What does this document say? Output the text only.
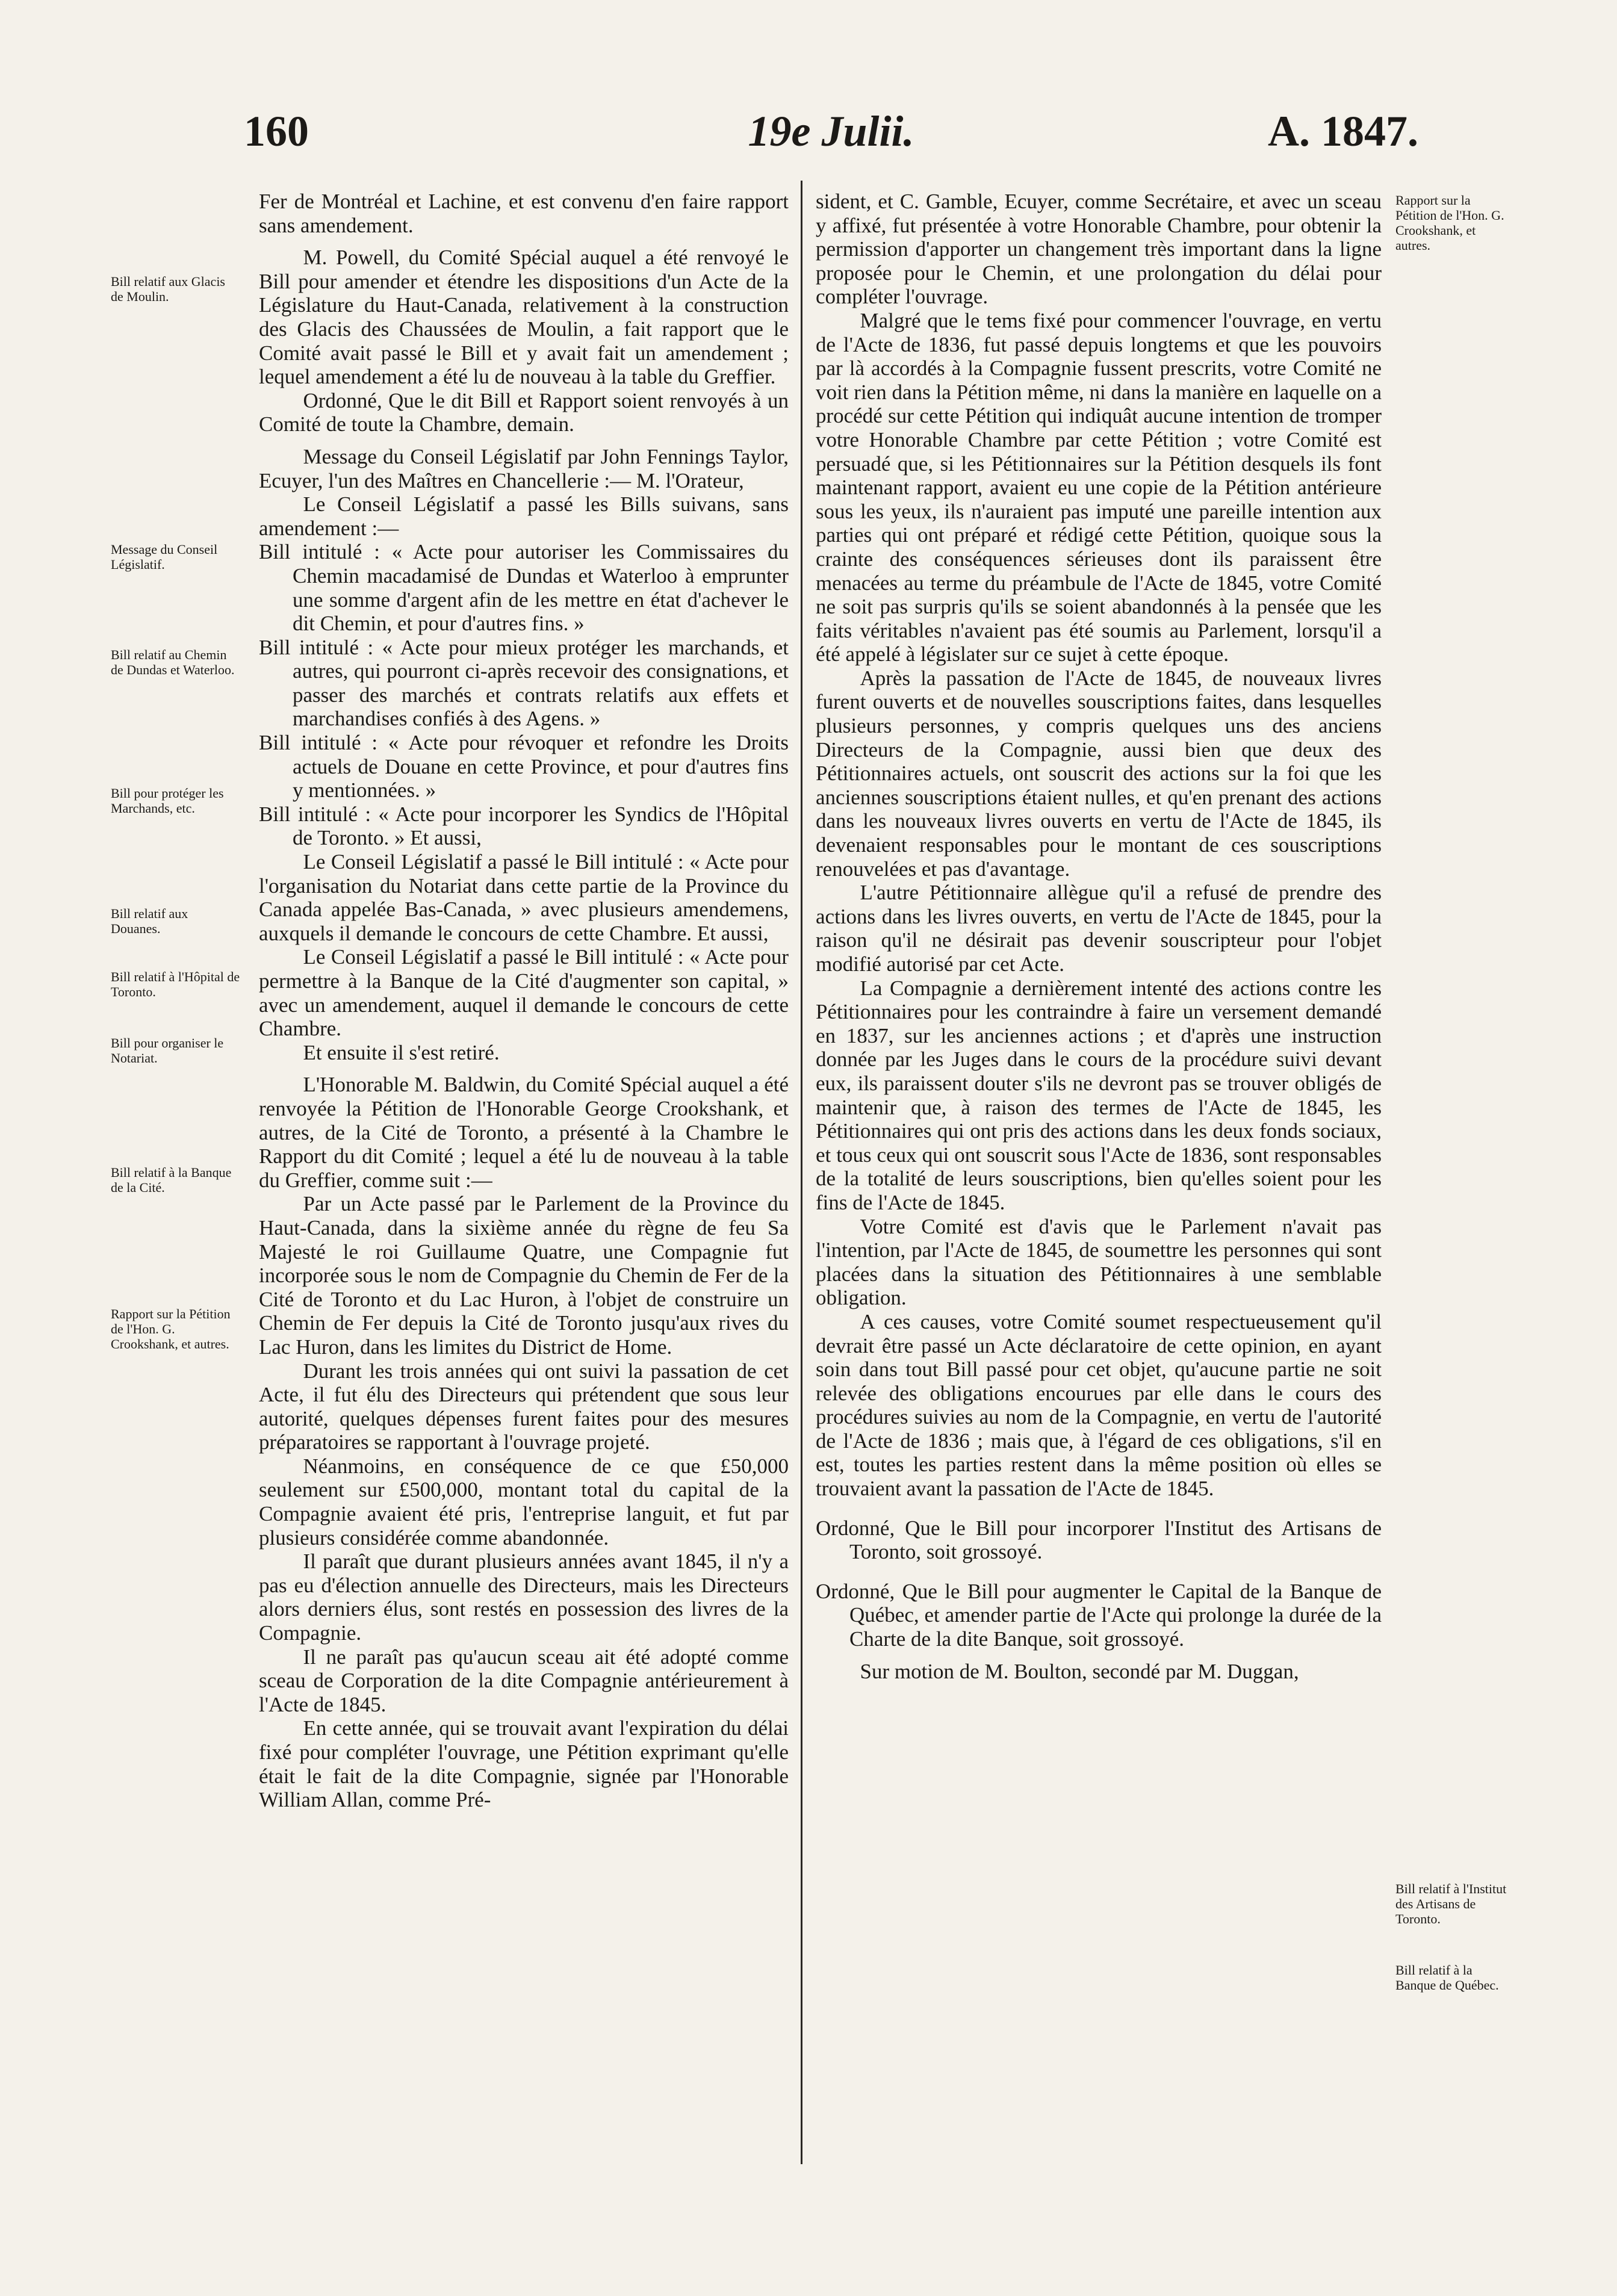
160	19e Julii.	A. 1847.

Fer de Montréal et Lachine, et est convenu d'en faire rapport sans amendement.

M. Powell, du Comité Spécial auquel a été renvoyé le Bill pour amender et étendre les dispositions d'un Acte de la Législature du Haut-Canada, relativement à la construction des Glacis des Chaussées de Moulin, a fait rapport que le Comité avait passé le Bill et y avait fait un amendement ; lequel amendement a été lu de nouveau à la table du Greffier.

Ordonné, Que le dit Bill et Rapport soient renvoyés à un Comité de toute la Chambre, demain.

Message du Conseil Législatif par John Fennings Taylor, Ecuyer, l'un des Maîtres en Chancellerie :— M. l'Orateur,

Le Conseil Législatif a passé les Bills suivans, sans amendement :—

Bill intitulé : « Acte pour autoriser les Commissaires du Chemin macadamisé de Dundas et Waterloo à emprunter une somme d'argent afin de les mettre en état d'achever le dit Chemin, et pour d'autres fins. »

Bill intitulé : « Acte pour mieux protéger les marchands, et autres, qui pourront ci-après recevoir des consignations, et passer des marchés et contrats relatifs aux effets et marchandises confiés à des Agens. »

Bill intitulé : « Acte pour révoquer et refondre les Droits actuels de Douane en cette Province, et pour d'autres fins y mentionnées. »

Bill intitulé : « Acte pour incorporer les Syndics de l'Hôpital de Toronto. » Et aussi,

Le Conseil Législatif a passé le Bill intitulé : « Acte pour l'organisation du Notariat dans cette partie de la Province du Canada appelée Bas-Canada, » avec plusieurs amendemens, auxquels il demande le concours de cette Chambre. Et aussi,

Le Conseil Législatif a passé le Bill intitulé : « Acte pour permettre à la Banque de la Cité d'augmenter son capital, » avec un amendement, auquel il demande le concours de cette Chambre.

Et ensuite il s'est retiré.

L'Honorable M. Baldwin, du Comité Spécial auquel a été renvoyée la Pétition de l'Honorable George Crookshank, et autres, de la Cité de Toronto, a présenté à la Chambre le Rapport du dit Comité ; lequel a été lu de nouveau à la table du Greffier, comme suit :—

Par un Acte passé par le Parlement de la Province du Haut-Canada, dans la sixième année du règne de feu Sa Majesté le roi Guillaume Quatre, une Compagnie fut incorporée sous le nom de Compagnie du Chemin de Fer de la Cité de Toronto et du Lac Huron, à l'objet de construire un Chemin de Fer depuis la Cité de Toronto jusqu'aux rives du Lac Huron, dans les limites du District de Home.

Durant les trois années qui ont suivi la passation de cet Acte, il fut élu des Directeurs qui prétendent que sous leur autorité, quelques dépenses furent faites pour des mesures préparatoires se rapportant à l'ouvrage projeté.

Néanmoins, en conséquence de ce que £50,000 seulement sur £500,000, montant total du capital de la Compagnie avaient été pris, l'entreprise languit, et fut par plusieurs considérée comme abandonnée.

Il paraît que durant plusieurs années avant 1845, il n'y a pas eu d'élection annuelle des Directeurs, mais les Directeurs alors derniers élus, sont restés en possession des livres de la Compagnie.

Il ne paraît pas qu'aucun sceau ait été adopté comme sceau de Corporation de la dite Compagnie antérieurement à l'Acte de 1845.

En cette année, qui se trouvait avant l'expiration du délai fixé pour compléter l'ouvrage, une Pétition exprimant qu'elle était le fait de la dite Compagnie, signée par l'Honorable William Allan, comme Pré-

sident, et C. Gamble, Ecuyer, comme Secrétaire, et avec un sceau y affixé, fut présentée à votre Honorable Chambre, pour obtenir la permission d'apporter un changement très important dans la ligne proposée pour le Chemin, et une prolongation du délai pour compléter l'ouvrage.

Malgré que le tems fixé pour commencer l'ouvrage, en vertu de l'Acte de 1836, fut passé depuis longtems et que les pouvoirs par là accordés à la Compagnie fussent prescrits, votre Comité ne voit rien dans la Pétition même, ni dans la manière en laquelle on a procédé sur cette Pétition qui indiquât aucune intention de tromper votre Honorable Chambre par cette Pétition ; votre Comité est persuadé que, si les Pétitionnaires sur la Pétition desquels ils font maintenant rapport, avaient eu une copie de la Pétition antérieure sous les yeux, ils n'auraient pas imputé une pareille intention aux parties qui ont préparé et rédigé cette Pétition, quoique sous la crainte des conséquences sérieuses dont ils paraissent être menacées au terme du préambule de l'Acte de 1845, votre Comité ne soit pas surpris qu'ils se soient abandonnés à la pensée que les faits véritables n'avaient pas été soumis au Parlement, lorsqu'il a été appelé à législater sur ce sujet à cette époque.

Après la passation de l'Acte de 1845, de nouveaux livres furent ouverts et de nouvelles souscriptions faites, dans lesquelles plusieurs personnes, y compris quelques uns des anciens Directeurs de la Compagnie, aussi bien que deux des Pétitionnaires actuels, ont souscrit des actions sur la foi que les anciennes souscriptions étaient nulles, et qu'en prenant des actions dans les nouveaux livres ouverts en vertu de l'Acte de 1845, ils devenaient responsables pour le montant de ces souscriptions renouvelées et pas d'avantage.

L'autre Pétitionnaire allègue qu'il a refusé de prendre des actions dans les livres ouverts, en vertu de l'Acte de 1845, pour la raison qu'il ne désirait pas devenir souscripteur pour l'objet modifié autorisé par cet Acte.

La Compagnie a dernièrement intenté des actions contre les Pétitionnaires pour les contraindre à faire un versement demandé en 1837, sur les anciennes actions ; et d'après une instruction donnée par les Juges dans le cours de la procédure suivi devant eux, ils paraissent douter s'ils ne devront pas se trouver obligés de maintenir que, à raison des termes de l'Acte de 1845, les Pétitionnaires qui ont pris des actions dans les deux fonds sociaux, et tous ceux qui ont souscrit sous l'Acte de 1836, sont responsables de la totalité de leurs souscriptions, bien qu'elles soient pour les fins de l'Acte de 1845.

Votre Comité est d'avis que le Parlement n'avait pas l'intention, par l'Acte de 1845, de soumettre les personnes qui sont placées dans la situation des Pétitionnaires à une semblable obligation.

A ces causes, votre Comité soumet respectueusement qu'il devrait être passé un Acte déclaratoire de cette opinion, en ayant soin dans tout Bill passé pour cet objet, qu'aucune partie ne soit relevée des obligations encourues par elle dans le cours des procédures suivies au nom de la Compagnie, en vertu de l'autorité de l'Acte de 1836 ; mais que, à l'égard de ces obligations, s'il en est, toutes les parties restent dans la même position où elles se trouvaient avant la passation de l'Acte de 1845.

Ordonné, Que le Bill pour incorporer l'Institut des Artisans de Toronto, soit grossoyé.

Ordonné, Que le Bill pour augmenter le Capital de la Banque de Québec, et amender partie de l'Acte qui prolonge la durée de la Charte de la dite Banque, soit grossoyé.

Sur motion de M. Boulton, secondé par M. Duggan,

Bill relatif aux Glacis de Moulin.
Message du Conseil Législatif.
Bill relatif au Chemin de Dundas et Waterloo.
Bill pour protéger les Marchands, etc.
Bill relatif aux Douanes.
Bill relatif à l'Hôpital de Toronto.
Bill pour organiser le Notariat.
Bill relatif à la Banque de la Cité.
Rapport sur la Pétition de l'Hon. G. Crookshank, et autres.
Rapport sur la Pétition de l'Hon. G. Crookshank, et autres.
Bill relatif à l'Institut des Artisans de Toronto.
Bill relatif à la Banque de Québec.
